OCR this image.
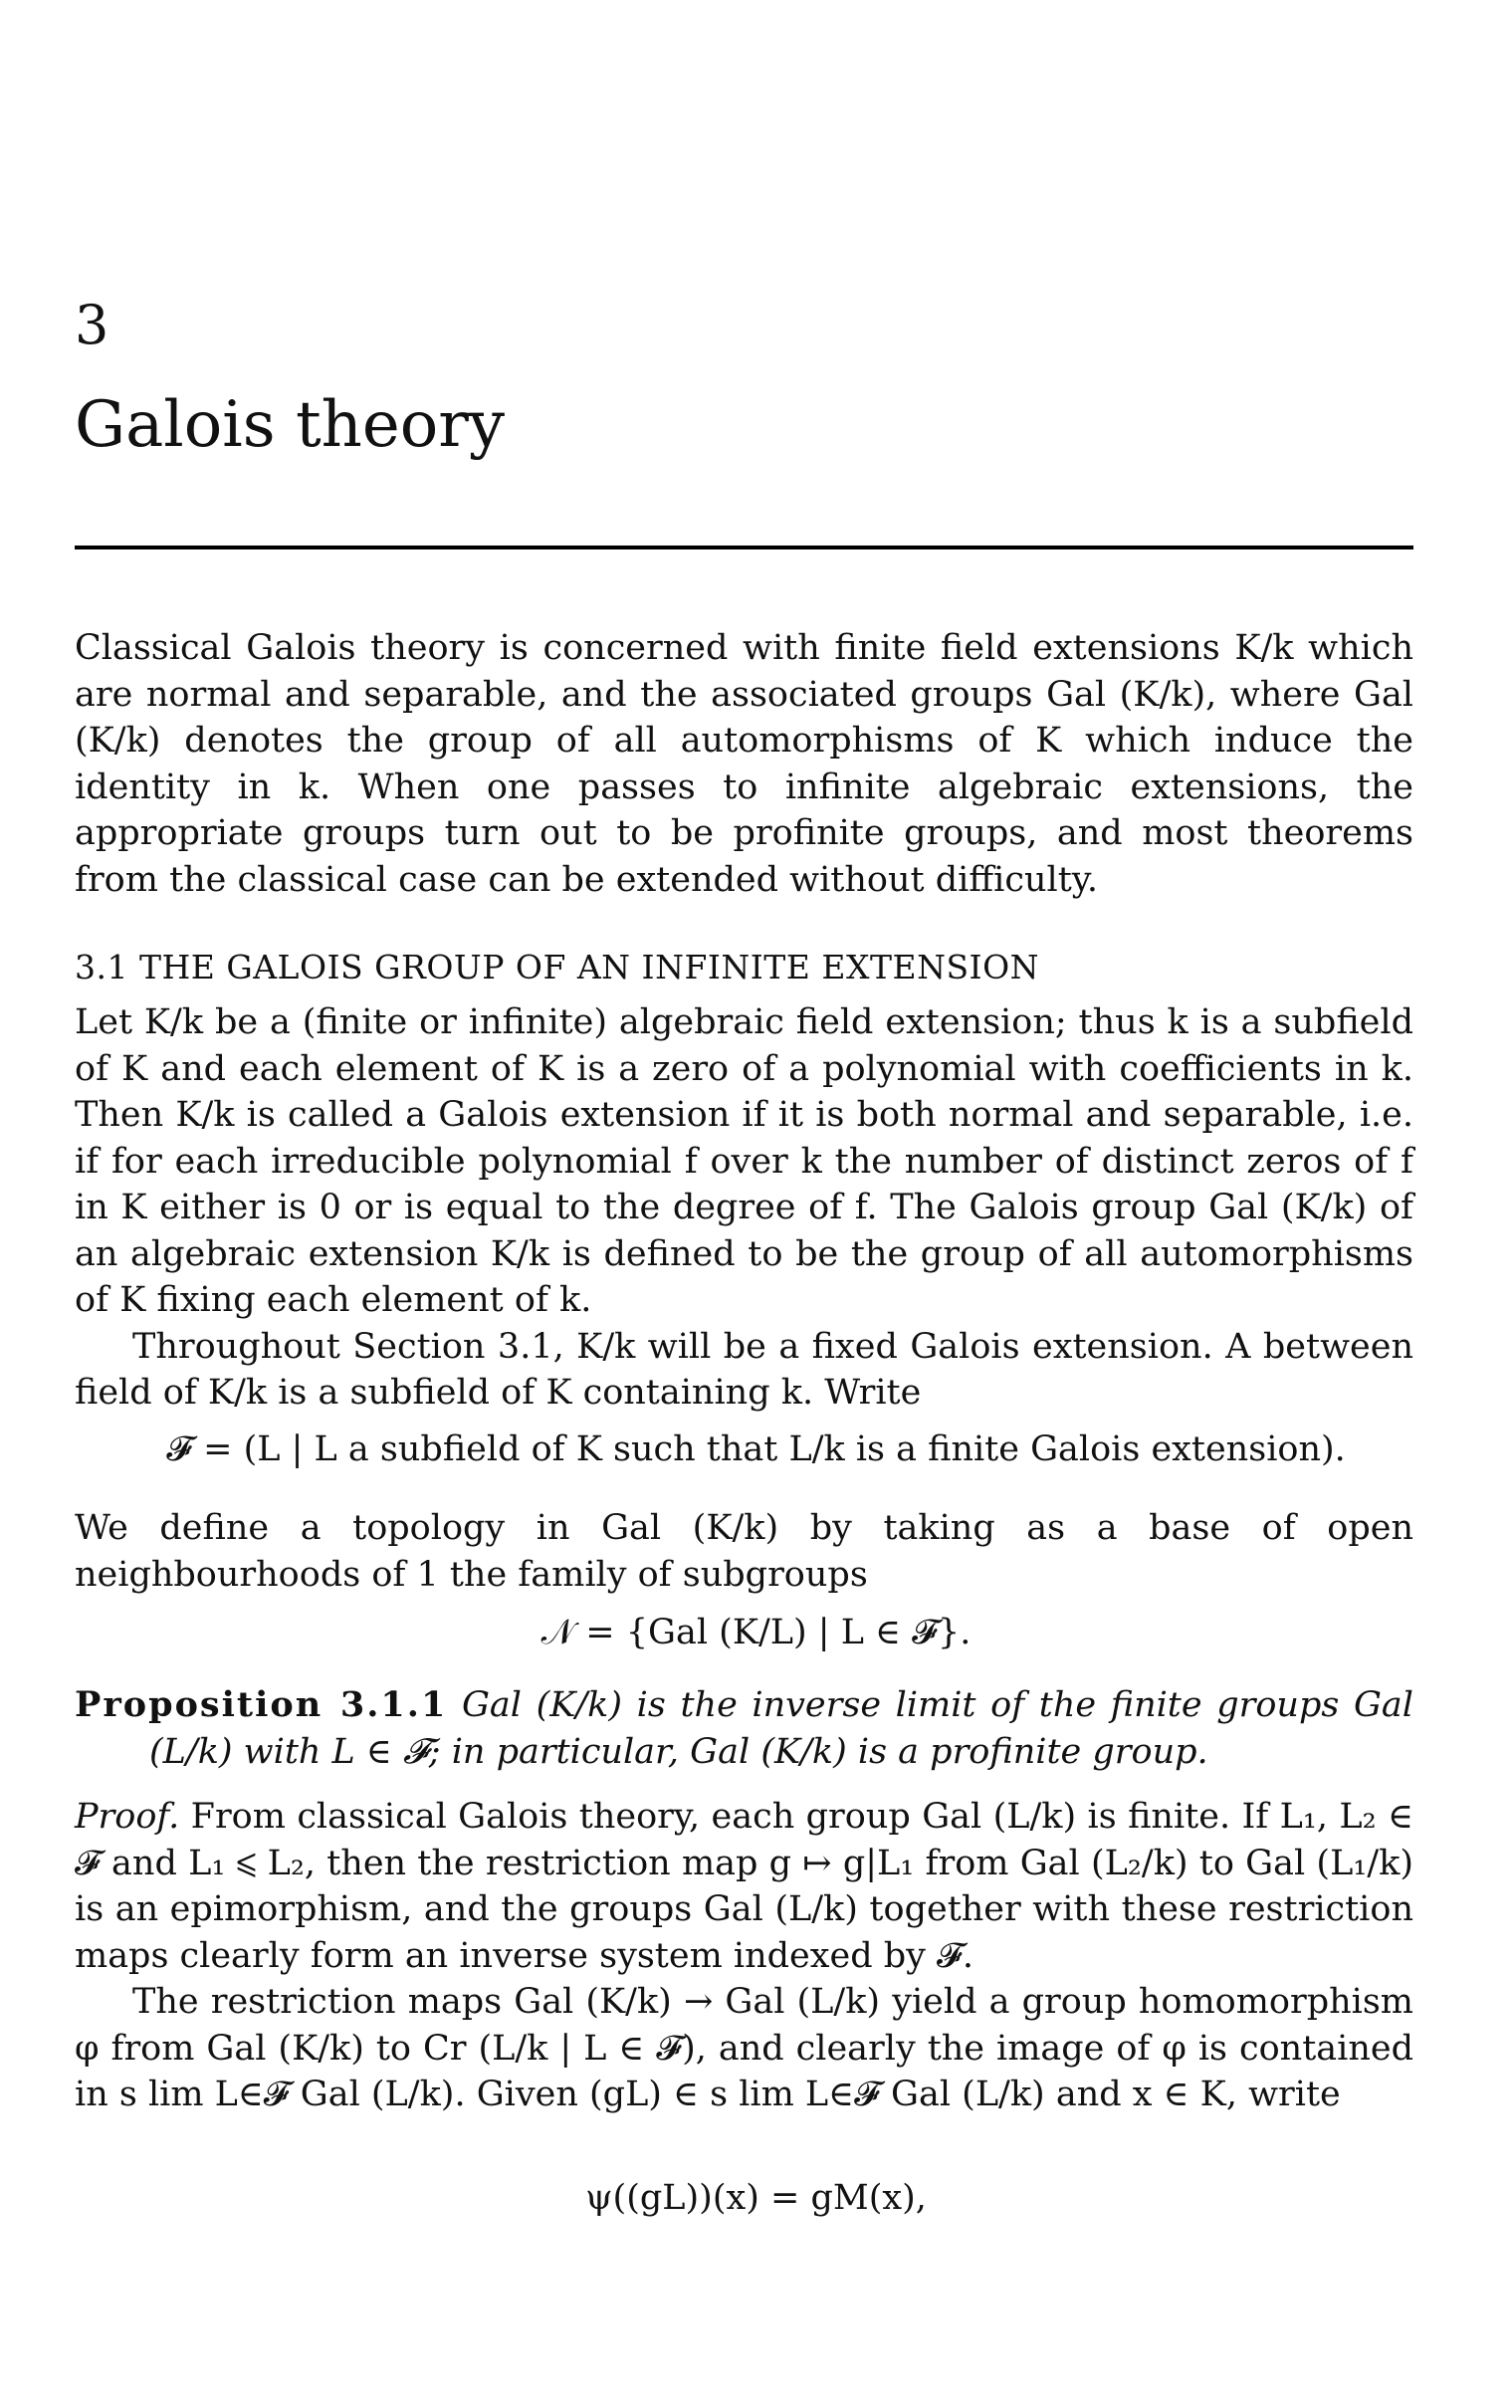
3
Galois theory

Classical Galois theory is concerned with finite field extensions K/k which are normal and separable, and the associated groups Gal (K/k), where Gal (K/k) denotes the group of all automorphisms of K which induce the identity in k. When one passes to infinite algebraic extensions, the appropriate groups turn out to be profinite groups, and most theorems from the classical case can be extended without difficulty.

3.1 THE GALOIS GROUP OF AN INFINITE EXTENSION

Let K/k be a (finite or infinite) algebraic field extension; thus k is a subfield of K and each element of K is a zero of a polynomial with coefficients in k. Then K/k is called a Galois extension if it is both normal and separable, i.e. if for each irreducible polynomial f over k the number of distinct zeros of f in K either is 0 or is equal to the degree of f. The Galois group Gal (K/k) of an algebraic extension K/k is defined to be the group of all automorphisms of K fixing each element of k.

Throughout Section 3.1, K/k will be a fixed Galois extension. A between field of K/k is a subfield of K containing k. Write

𝓕 = (L | L a subfield of K such that L/k is a finite Galois extension).

We define a topology in Gal (K/k) by taking as a base of open neighbourhoods of 1 the family of subgroups

𝒩 = {Gal (K/L) | L ∈ 𝓕}.

Proposition 3.1.1 Gal (K/k) is the inverse limit of the finite groups Gal (L/k) with L ∈ 𝓕; in particular, Gal (K/k) is a profinite group.

Proof. From classical Galois theory, each group Gal (L/k) is finite. If L₁, L₂ ∈ 𝓕 and L₁ ⩽ L₂, then the restriction map g ↦ g|L₁ from Gal (L₂/k) to Gal (L₁/k) is an epimorphism, and the groups Gal (L/k) together with these restriction maps clearly form an inverse system indexed by 𝓕.

The restriction maps Gal (K/k) → Gal (L/k) yield a group homomorphism φ from Gal (K/k) to Cr (L/k | L ∈ 𝓕), and clearly the image of φ is contained in s lim L∈𝓕 Gal (L/k). Given (gL) ∈ s lim L∈𝓕 Gal (L/k) and x ∈ K, write

ψ((gL))(x) = gM(x),
